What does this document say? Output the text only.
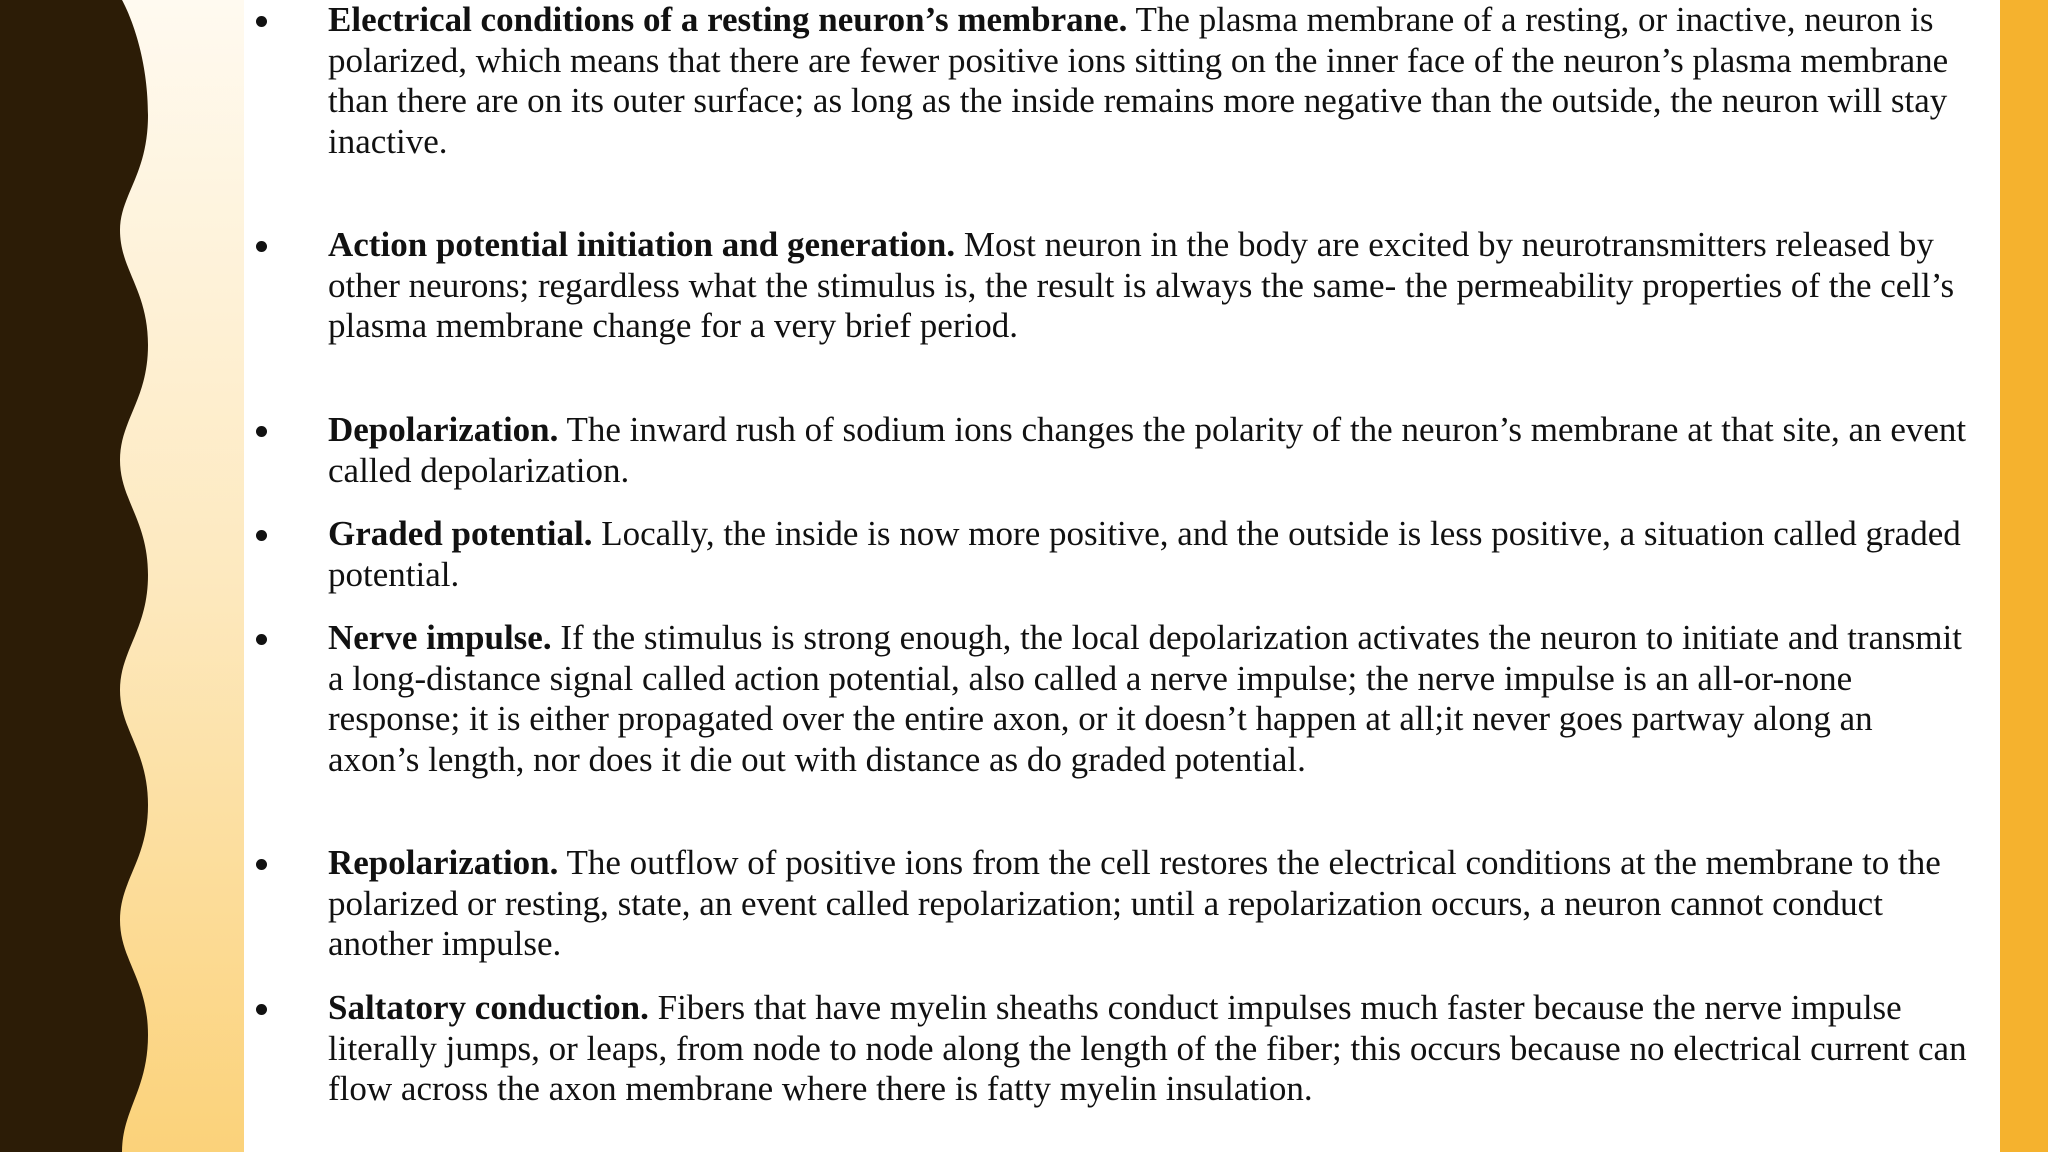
Electrical conditions of a resting neuron’s membrane. The plasma membrane of a resting, or inactive, neuron is polarized, which means that there are fewer positive ions sitting on the inner face of the neuron’s plasma membrane than there are on its outer surface; as long as the inside remains more negative than the outside, the neuron will stay inactive.
Action potential initiation and generation. Most neuron in the body are excited by neurotransmitters released by other neurons; regardless what the stimulus is, the result is always the same- the permeability properties of the cell’s plasma membrane change for a very brief period.
Depolarization. The inward rush of sodium ions changes the polarity of the neuron’s membrane at that site, an event called depolarization.
Graded potential. Locally, the inside is now more positive, and the outside is less positive, a situation called graded potential.
Nerve impulse. If the stimulus is strong enough, the local depolarization activates the neuron to initiate and transmit a long-distance signal called action potential, also called a nerve impulse; the nerve impulse is an all-or-none response; it is either propagated over the entire axon, or it doesn’t happen at all;it never goes partway along an axon’s length, nor does it die out with distance as do graded potential.
Repolarization. The outflow of positive ions from the cell restores the electrical conditions at the membrane to the polarized or resting, state, an event called repolarization; until a repolarization occurs, a neuron cannot conduct another impulse.
Saltatory conduction. Fibers that have myelin sheaths conduct impulses much faster because the nerve impulse literally jumps, or leaps, from node to node along the length of the fiber; this occurs because no electrical current can flow across the axon membrane where there is fatty myelin insulation.
